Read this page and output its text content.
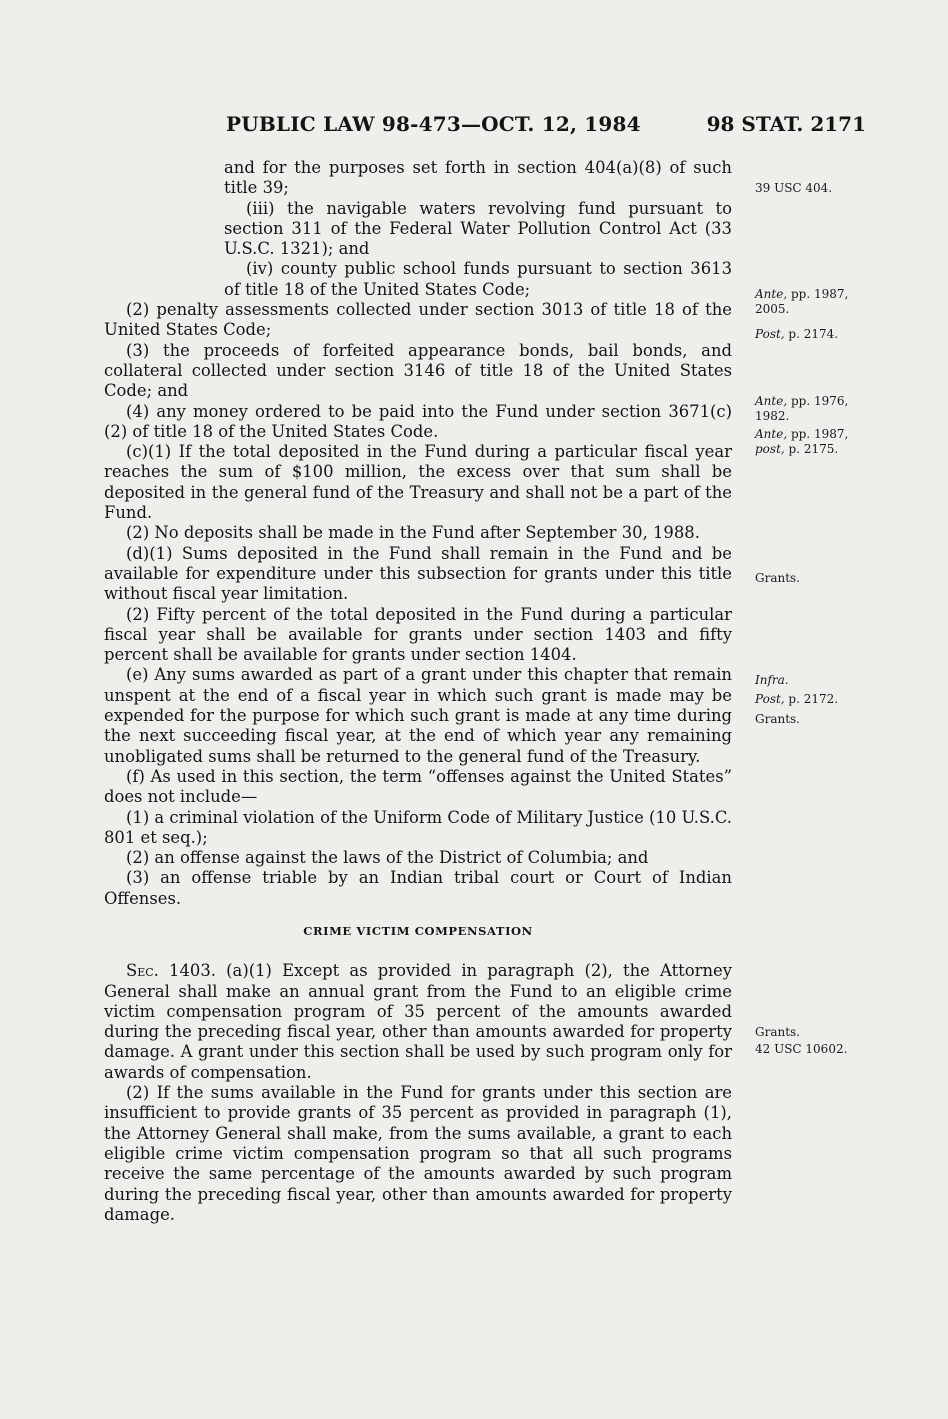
PUBLIC LAW 98-473—OCT. 12, 1984	98 STAT. 2171

and for the purposes set forth in section 404(a)(8) of such title 39;

(iii) the navigable waters revolving fund pursuant to section 311 of the Federal Water Pollution Control Act (33 U.S.C. 1321); and

(iv) county public school funds pursuant to section 3613 of title 18 of the United States Code;

(2) penalty assessments collected under section 3013 of title 18 of the United States Code;

(3) the proceeds of forfeited appearance bonds, bail bonds, and collateral collected under section 3146 of title 18 of the United States Code; and

(4) any money ordered to be paid into the Fund under section 3671(c)(2) of title 18 of the United States Code.

(c)(1) If the total deposited in the Fund during a particular fiscal year reaches the sum of $100 million, the excess over that sum shall be deposited in the general fund of the Treasury and shall not be a part of the Fund.

(2) No deposits shall be made in the Fund after September 30, 1988.

(d)(1) Sums deposited in the Fund shall remain in the Fund and be available for expenditure under this subsection for grants under this title without fiscal year limitation.

(2) Fifty percent of the total deposited in the Fund during a particular fiscal year shall be available for grants under section 1403 and fifty percent shall be available for grants under section 1404.

(e) Any sums awarded as part of a grant under this chapter that remain unspent at the end of a fiscal year in which such grant is made may be expended for the purpose for which such grant is made at any time during the next succeeding fiscal year, at the end of which year any remaining unobligated sums shall be returned to the general fund of the Treasury.

(f) As used in this section, the term “offenses against the United States” does not include—

(1) a criminal violation of the Uniform Code of Military Justice (10 U.S.C. 801 et seq.);

(2) an offense against the laws of the District of Columbia; and

(3) an offense triable by an Indian tribal court or Court of Indian Offenses.

CRIME VICTIM COMPENSATION

Sec. 1403. (a)(1) Except as provided in paragraph (2), the Attorney General shall make an annual grant from the Fund to an eligible crime victim compensation program of 35 percent of the amounts awarded during the preceding fiscal year, other than amounts awarded for property damage. A grant under this section shall be used by such program only for awards of compensation.

(2) If the sums available in the Fund for grants under this section are insufficient to provide grants of 35 percent as provided in paragraph (1), the Attorney General shall make, from the sums available, a grant to each eligible crime victim compensation program so that all such programs receive the same percentage of the amounts awarded by such program during the preceding fiscal year, other than amounts awarded for property damage.

39 USC 404.
Ante, pp. 1987, 2005.
Post, p. 2174.
Ante, pp. 1976, 1982.
Ante, pp. 1987,
post, p. 2175.
Grants.
Infra.
Post, p. 2172.
Grants.
Grants.
42 USC 10602.
